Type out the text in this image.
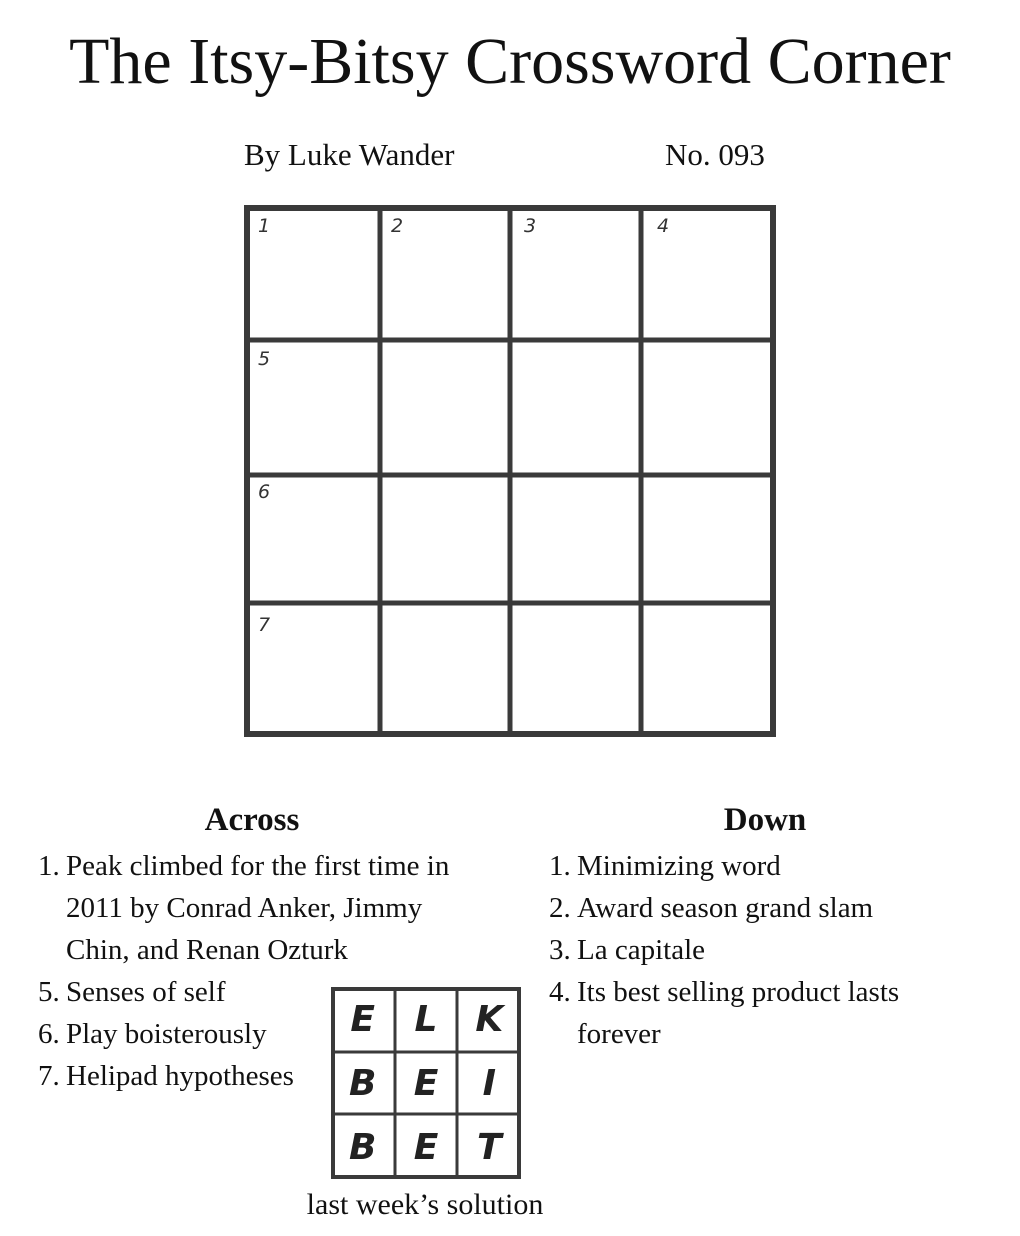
The Itsy-Bitsy Crossword Corner
By Luke Wander	No. 093
1	2	3	4
5
6
7
Across	Down
1. Peak climbed for the first time in 2011 by Conrad Anker, Jimmy Chin, and Renan Ozturk
5. Senses of self
6. Play boisterously
7. Helipad hypotheses
1. Minimizing word
2. Award season grand slam
3. La capitale
4. Its best selling product lasts forever
E	L	K
B	E	I
B	E	T
last week’s solution
